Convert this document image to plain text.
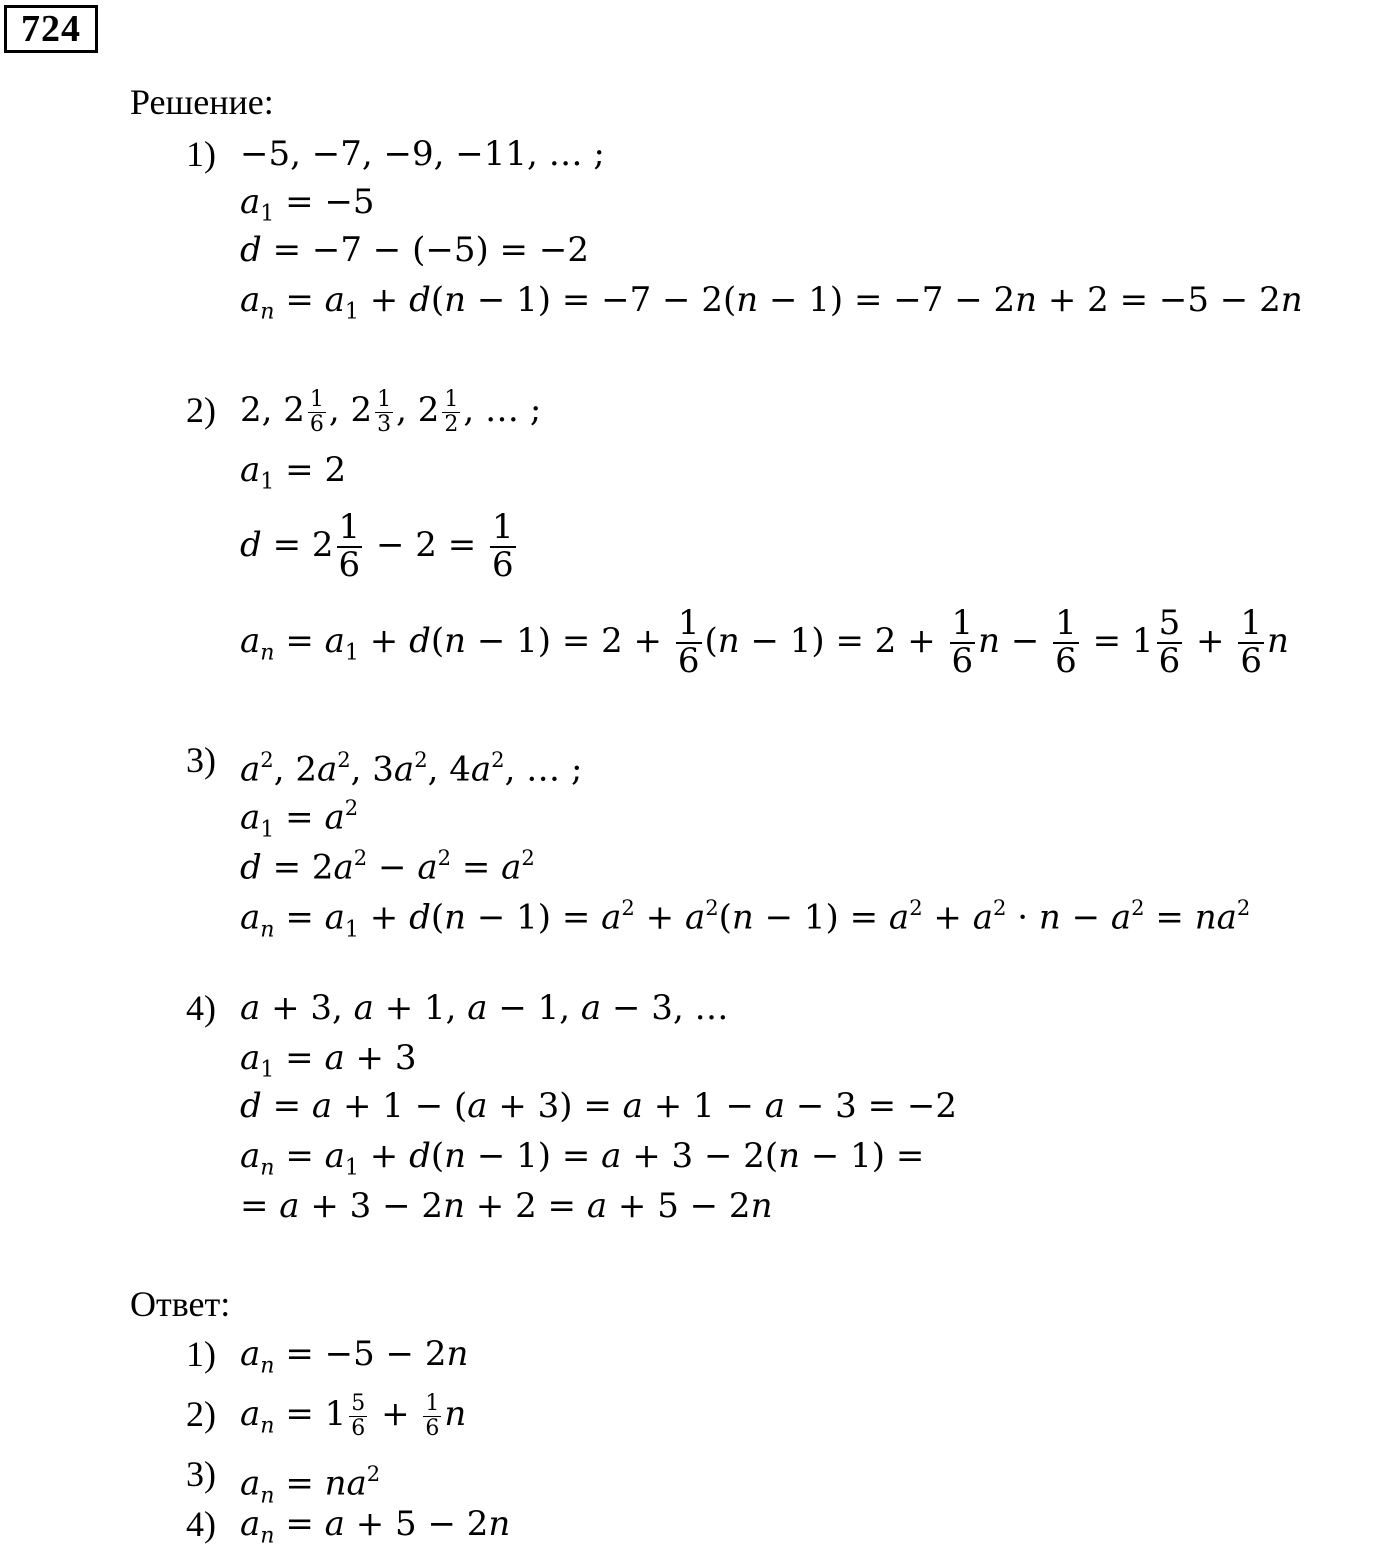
724
Решение:
1) −5, −7, −9, −11, … ;
$a_1 = -5$
d = −7 − (−5) = −2
$a_n = a_1 + d(n - 1) = -7 - 2(n - 1) = -7 - 2n + 2 = -5 - 2n$
2) 2, $2 \frac{1}{6}$ , $2 \frac{1}{3}$ , $2 \frac{1}{2}$ , … ;
$a_1 = 2$
$d = 2 \frac{1}{6} - 2 = \frac{1}{6}$
$a_n = a_1 + d(n - 1) = 2 + \frac{1}{6} (n - 1) = 2 + \frac{1}{6}$ $n - \frac{1}{6} = 1 \frac{5}{6} + \frac{1}{6}$ n
3) $a^2$, $2a^2$, $3a^2$, $4a^2$, … ;
$a_1 = a^2$
$d = 2a^2 - a^2 = a^2$
$a_n = a_1 + d(n - 1) = a^2 + a^2(n - 1) = a^2 + a^2 \cdot n - a^2 = na^2$
4) a + 3, a + 1, a − 1, a − 3, …
$a_1 = a + 3$
d = a + 1 − (a + 3) = a + 1 − a − 3 = −2
$a_n = a_1 + d(n - 1) = a + 3 - 2(n - 1)$ =
= a + 3 − 2n + 2 = a + 5 − 2n
Ответ:
1) $a_n = -5 - 2n$
2) $a_n = 1 \frac{5}{6} + \frac{1}{6}$ n
3) $a_n = na^2$
4) $a_n = a + 5 - 2n$
